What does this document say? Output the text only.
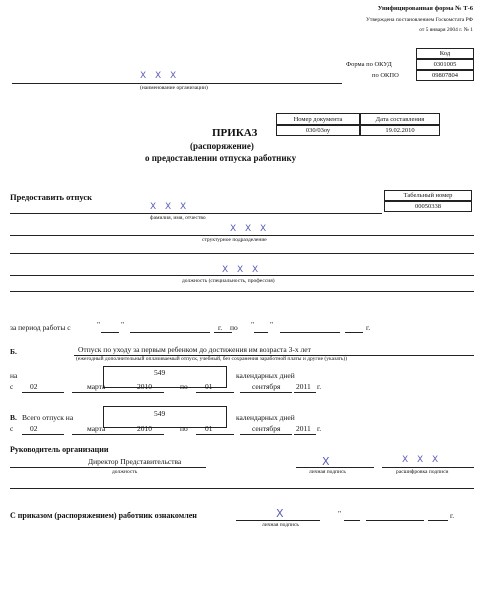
Унифицированная форма № Т-6
Утверждена постановлением Госкомстата РФ
от 5 января 2004 г. № 1
Код
Форма по ОКУД	0301005
по ОКПО	09807804
X X X
(наименование организации)
Номер документа	Дата составления
030/03оу	19.02.2010
ПРИКАЗ
(распоряжение)
о предоставлении отпуска работнику
Предоставить отпуск	Табельный номер
00050338
X X X
фамилия, имя, отчество
X X X
структурное подразделение
X X X
должность (специальность, профессия)
за период работы с	"	"	г. по " "	г.
Б.	Отпуск по уходу за первым ребенком до достижения им возраста 3-х лет
(ежегодный дополнительный оплачиваемый отпуск, учебный, без сохранения заработной платы и другие (указать))
на	549	календарных дней
с 02	марта	2010	по 01	сентября 2011 г.
В. Всего отпуск на	549	календарных дней
с 02	марта	2010	по 01	сентября 2011 г.
Руководитель организации
Директор Представительства
должность
X
личная подпись
X X X
расшифровка подписи
С приказом (распоряжением) работник ознакомлен	X
личная подпись
"	г.
